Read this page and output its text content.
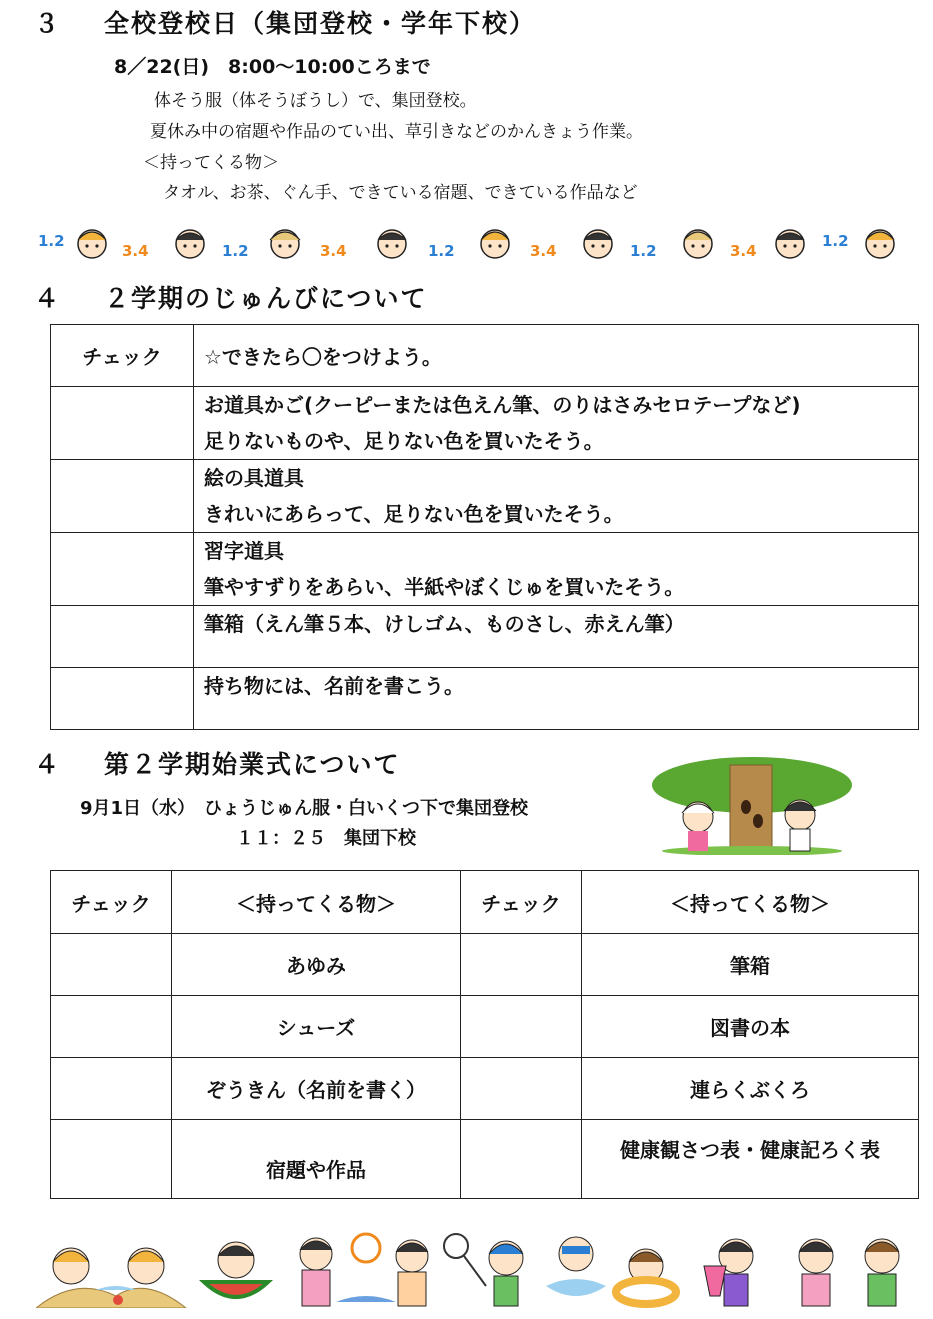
３ 全校登校日（集団登校・学年下校）
8／22(日)　8:00～10:00ころまで
体そう服（体そうぼうし）で、集団登校。
夏休み中の宿題や作品のてい出、草引きなどのかんきょう作業。
＜持ってくる物＞
タオル、お茶、ぐん手、できている宿題、できている作品など
1.2
3.4	1.2	3.4	1.2	3.4	1.2	3.4
1.2
４ ２学期のじゅんびについて
チェック	☆できたら〇をつけよう。

	お道具かご(クーピーまたは色えん筆、のりはさみセロテープなど)
足りないものや、足りない色を買いたそう。

	絵の具道具
きれいにあらって、足りない色を買いたそう。

	習字道具
筆やすずりをあらい、半紙やぼくじゅを買いたそう。

	筆箱（えん筆５本、けしゴム、ものさし、赤えん筆）

	持ち物には、名前を書こう。
４ 第２学期始業式について
9月1日（水）　ひょうじゅん服・白いくつ下で集団登校
１１：２５　集団下校
チェック	＜持ってくる物＞	チェック	＜持ってくる物＞
	あゆみ		筆箱
	シューズ		図書の本
	ぞうきん（名前を書く）		連らくぶくろ
	宿題や作品		健康観さつ表・健康記ろく表
